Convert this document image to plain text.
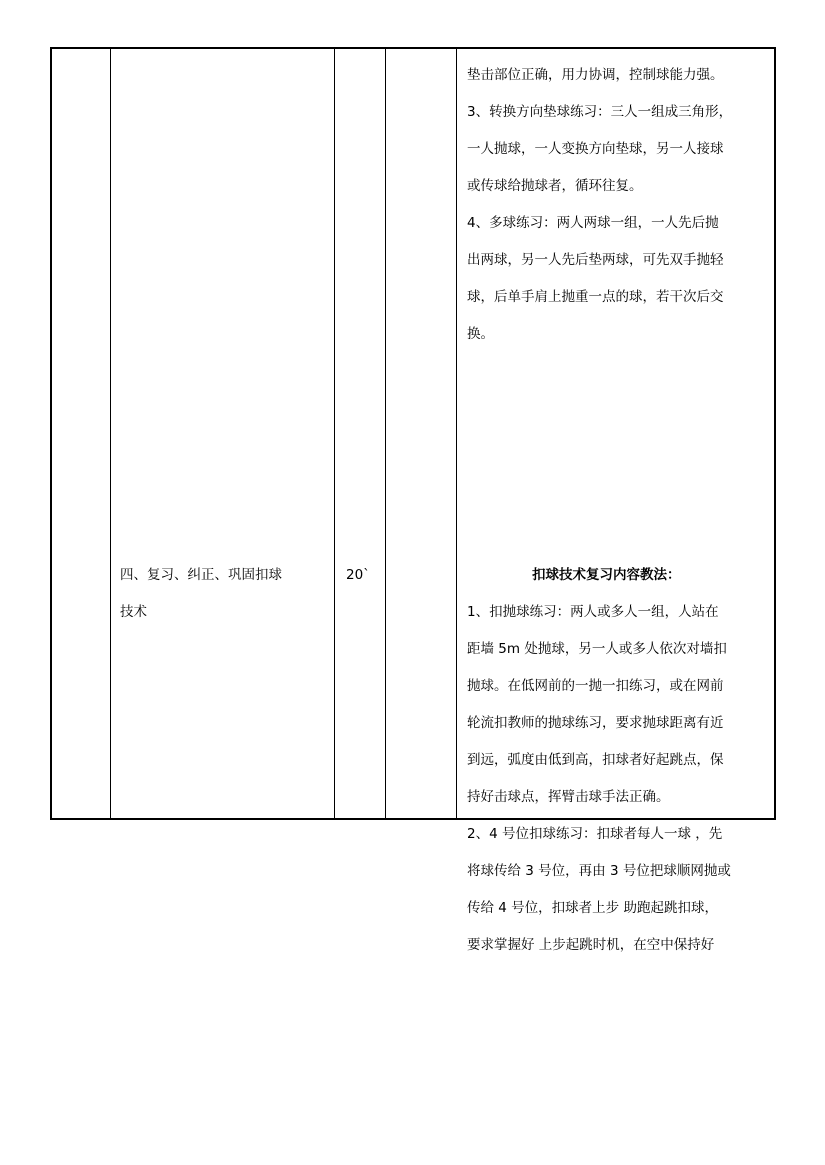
四、复习、纠正、巩固扣球
技术
20`
垫击部位正确，用力协调，控制球能力强。
3、转换方向垫球练习：三人一组成三角形，
一人抛球，一人变换方向垫球，另一人接球
或传球给抛球者，循环往复。
4、多球练习：两人两球一组，一人先后抛
出两球，另一人先后垫两球，可先双手抛轻
球，后单手肩上抛重一点的球，若干次后交
换。
扣球技术复习内容教法：
1、扣抛球练习：两人或多人一组，人站在
距墙 5m 处抛球，另一人或多人依次对墙扣
抛球。在低网前的一抛一扣练习，或在网前
轮流扣教师的抛球练习，要求抛球距离有近
到远，弧度由低到高，扣球者好起跳点，保
持好击球点，挥臂击球手法正确。
2、4 号位扣球练习：扣球者每人一球 ，先
将球传给 3 号位，再由 3 号位把球顺网抛或
传给 4 号位，扣球者上步 助跑起跳扣球，
要求掌握好 上步起跳时机，在空中保持好
